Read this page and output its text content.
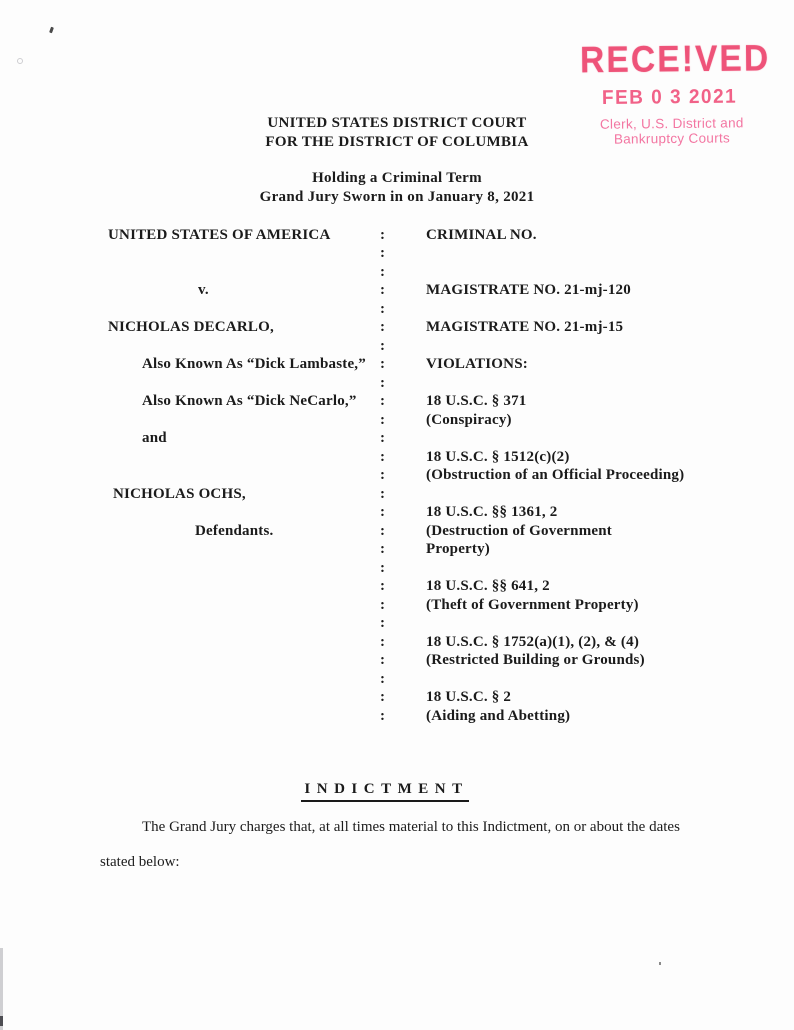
RECE!VED
FEB 0 3 2021
Clerk, U.S. District and
Bankruptcy Courts
UNITED STATES DISTRICT COURT
FOR THE DISTRICT OF COLUMBIA
Holding a Criminal Term
Grand Jury Sworn in on January 8, 2021
UNITED STATES OF AMERICA	:	CRIMINAL NO.
:
:
v.	:	MAGISTRATE NO. 21-mj-120
:
NICHOLAS DECARLO,	:	MAGISTRATE NO. 21-mj-15
:
Also Known As “Dick Lambaste,” :	VIOLATIONS:
:
Also Known As “Dick NeCarlo,”	:	18 U.S.C. § 371
:	(Conspiracy)
and	:
:	18 U.S.C. § 1512(c)(2)
:	(Obstruction of an Official Proceeding)
NICHOLAS OCHS,	:
:	18 U.S.C. §§ 1361, 2
Defendants.	:	(Destruction of Government
:	Property)
:
:	18 U.S.C. §§ 641, 2
:	(Theft of Government Property)
:
:	18 U.S.C. § 1752(a)(1), (2), & (4)
:	(Restricted Building or Grounds)
:
:	18 U.S.C. § 2
:	(Aiding and Abetting)
INDICTMENT
The Grand Jury charges that, at all times material to this Indictment, on or about the dates
stated below:
